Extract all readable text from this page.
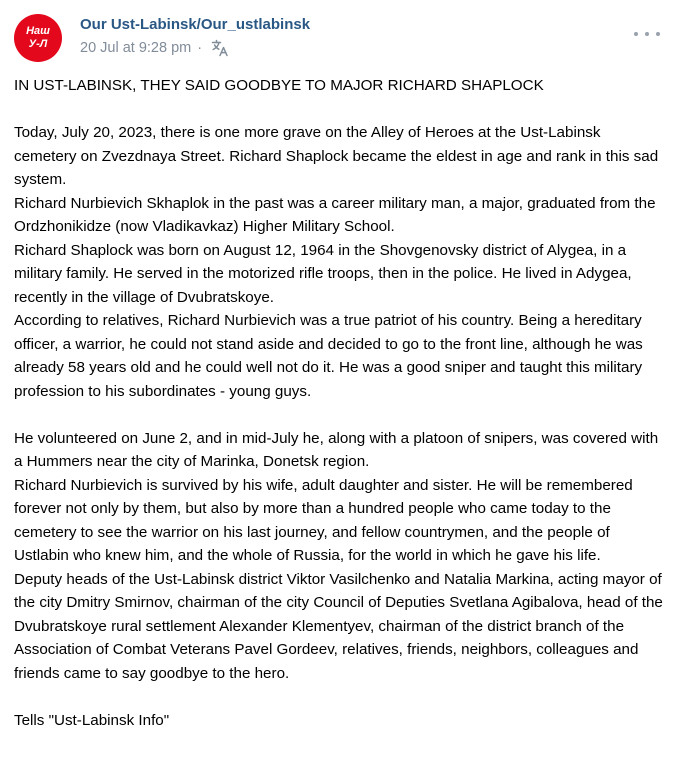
Наш
У-Л
Our Ust-Labinsk/Our_ustlabinsk
20 Jul at 9:28 pm ·

IN UST-LABINSK, THEY SAID GOODBYE TO MAJOR RICHARD SHAPLOCK

Today, July 20, 2023, there is one more grave on the Alley of Heroes at the Ust-Labinsk cemetery on Zvezdnaya Street. Richard Shaplock became the eldest in age and rank in this sad system.

Richard Nurbievich Skhaplok in the past was a career military man, a major, graduated from the Ordzhonikidze (now Vladikavkaz) Higher Military School.

Richard Shaplock was born on August 12, 1964 in the Shovgenovsky district of Alygea, in a military family. He served in the motorized rifle troops, then in the police. He lived in Adygea, recently in the village of Dvubratskoye.

According to relatives, Richard Nurbievich was a true patriot of his country. Being a hereditary officer, a warrior, he could not stand aside and decided to go to the front line, although he was already 58 years old and he could well not do it. He was a good sniper and taught this military profession to his subordinates - young guys.

He volunteered on June 2, and in mid-July he, along with a platoon of snipers, was covered with a Hummers near the city of Marinka, Donetsk region.

Richard Nurbievich is survived by his wife, adult daughter and sister. He will be remembered forever not only by them, but also by more than a hundred people who came today to the cemetery to see the warrior on his last journey, and fellow countrymen, and the people of Ustlabin who knew him, and the whole of Russia, for the world in which he gave his life.

Deputy heads of the Ust-Labinsk district Viktor Vasilchenko and Natalia Markina, acting mayor of the city Dmitry Smirnov, chairman of the city Council of Deputies Svetlana Agibalova, head of the Dvubratskoye rural settlement Alexander Klementyev, chairman of the district branch of the Association of Combat Veterans Pavel Gordeev, relatives, friends, neighbors, colleagues and friends came to say goodbye to the hero.

Tells "Ust-Labinsk Info"
